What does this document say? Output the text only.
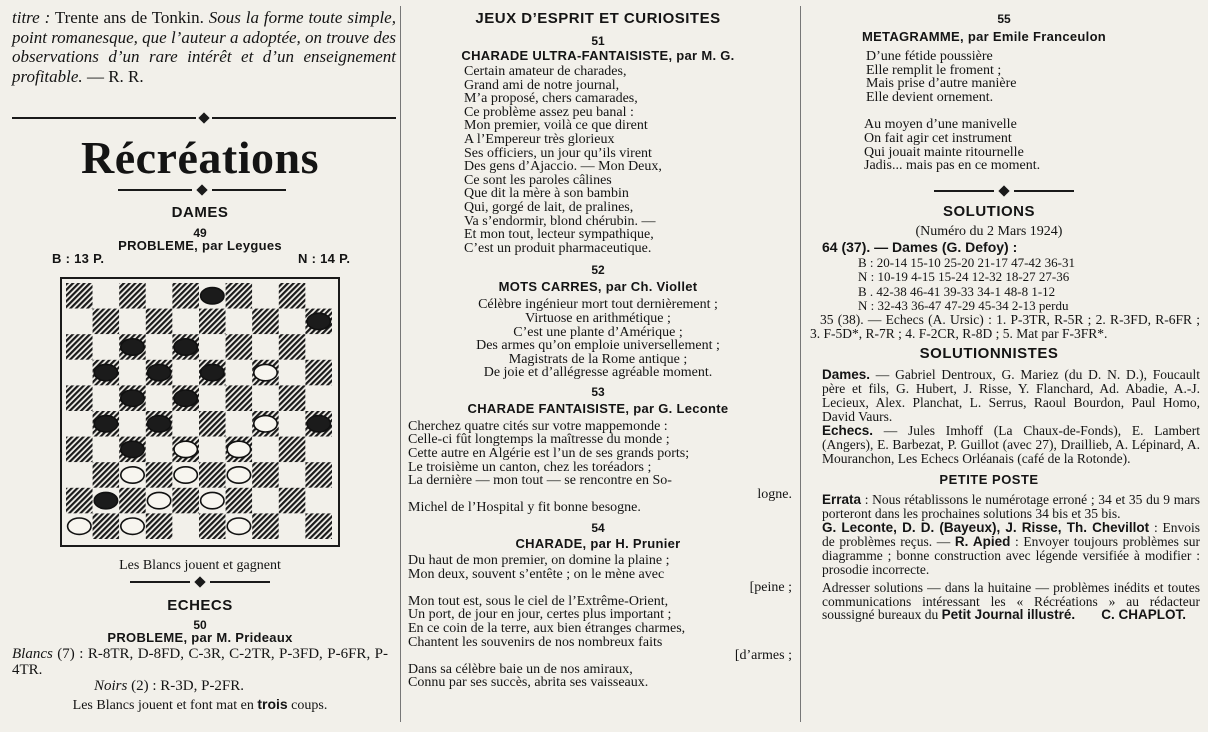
titre : Trente ans de Tonkin. Sous la forme toute simple, point romanesque, que l’auteur a adoptée, on trouve des observations d’un rare intérêt et d’un enseignement profitable. — R. R.
Récréations
DAMES
49
PROBLEME, par Leygues
B : 13 P.	N : 14 P.
Les Blancs jouent et gagnent
ECHECS
50
PROBLEME, par M. Prideaux
Blancs (7) : R-8TR, D-8FD, C-3R, C-2TR, P-3FD, P-6FR, P-4TR.
Noirs (2) : R-3D, P-2FR.
Les Blancs jouent et font mat en trois coups.
JEUX D’ESPRIT ET CURIOSITES
51
CHARADE ULTRA-FANTAISISTE, par M. G.
Certain amateur de charades,
Grand ami de notre journal,
M’a proposé, chers camarades,
Ce problème assez peu banal :
Mon premier, voilà ce que dirent
A l’Empereur très glorieux
Ses officiers, un jour qu’ils virent
Des gens d’Ajaccio. — Mon Deux,
Ce sont les paroles câlines
Que dit la mère à son bambin
Qui, gorgé de lait, de pralines,
Va s’endormir, blond chérubin. —
Et mon tout, lecteur sympathique,
C’est un produit pharmaceutique.
52
MOTS CARRES, par Ch. Viollet
Célèbre ingénieur mort tout dernièrement ;
Virtuose en arithmétique ;
C’est une plante d’Amérique ;
Des armes qu’on emploie universellement ;
Magistrats de la Rome antique ;
De joie et d’allégresse agréable moment.
53
CHARADE FANTAISISTE, par G. Leconte
Cherchez quatre cités sur votre mappemonde :
Celle-ci fût longtemps la maîtresse du monde ;
Cette autre en Algérie est l’un de ses grands ports;
Le troisième un canton, chez les toréadors ;
La dernière — mon tout — se rencontre en So-
logne.
Michel de l’Hospital y fit bonne besogne.
54
CHARADE, par H. Prunier
Du haut de mon premier, on domine la plaine ;
Mon deux, souvent s’entête ; on le mène avec
[peine ;
Mon tout est, sous le ciel de l’Extrême-Orient,
Un port, de jour en jour, certes plus important ;
En ce coin de la terre, aux bien étranges charmes,
Chantent les souvenirs de nos nombreux faits
[d’armes ;
Dans sa célèbre baie un de nos amiraux,
Connu par ses succès, abrita ses vaisseaux.
55
METAGRAMME, par Emile Franceulon
D’une fétide poussière
Elle remplit le froment ;
Mais prise d’autre manière
Elle devient ornement.
Au moyen d’une manivelle
On fait agir cet instrument
Qui jouait mainte ritournelle
Jadis... mais pas en ce moment.
SOLUTIONS
(Numéro du 2 Mars 1924)
64 (37). — Dames (G. Defoy) :
B : 20-14 15-10 25-20 21-17 47-42 36-31
N : 10-19 4-15 15-24 12-32 18-27 27-36
B . 42-38 46-41 39-33 34-1 48-8 1-12
N : 32-43 36-47 47-29 45-34 2-13 perdu
35 (38). — Echecs (A. Ursic) : 1. P-3TR, R-5R ; 2. R-3FD, R-6FR ; 3. F-5D*, R-7R ; 4. F-2CR, R-8D ; 5. Mat par F-3FR*.
SOLUTIONNISTES
Dames. — Gabriel Dentroux, G. Mariez (du D. N. D.), Foucault père et fils, G. Hubert, J. Risse, Y. Flanchard, Ad. Abadie, A.-J. Lecieux, Alex. Planchat, L. Serrus, Raoul Bourdon, Paul Homo, David Vaurs.
Echecs. — Jules Imhoff (La Chaux-de-Fonds), E. Lambert (Angers), E. Barbezat, P. Guillot (avec 27), Draillieb, A. Lépinard, A. Mouranchon, Les Echecs Orléanais (café de la Rotonde).
PETITE POSTE
Errata : Nous rétablissons le numérotage erroné ; 34 et 35 du 9 mars porteront dans les prochaines solutions 34 bis et 35 bis.
G. Leconte, D. D. (Bayeux), J. Risse, Th. Chevillot : Envois de problèmes reçus. — R. Apied : Envoyer toujours problèmes sur diagramme ; bonne construction avec légende versifiée à modifier : prosodie incorrecte.
Adresser solutions — dans la huitaine — problèmes inédits et toutes communications intéressant les « Récréations » au rédacteur soussigné bureaux du Petit Journal illustré. C. CHAPLOT.
